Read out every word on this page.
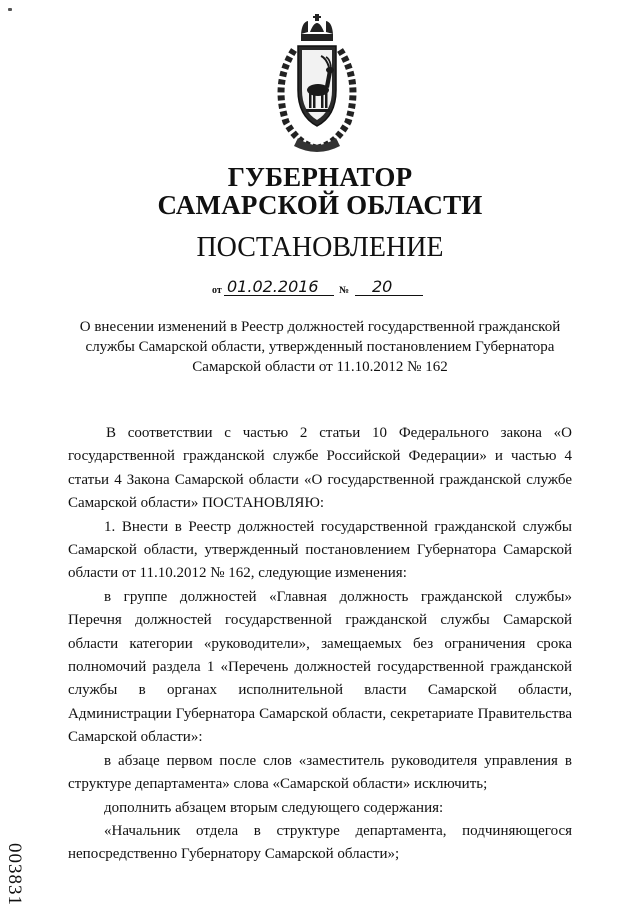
ГУБЕРНАТОР
САМАРСКОЙ ОБЛАСТИ
ПОСТАНОВЛЕНИЕ
от 01.02.2016 № 20
О внесении изменений в Реестр должностей государственной гражданской службы Самарской области, утвержденный постановлением Губернатора Самарской области от 11.10.2012 № 162

В соответствии с частью 2 статьи 10 Федерального закона «О государственной гражданской службе Российской Федерации» и частью 4 статьи 4 Закона Самарской области «О государственной гражданской службе Самарской области» ПОСТАНОВЛЯЮ:

1. Внести в Реестр должностей государственной гражданской службы Самарской области, утвержденный постановлением Губернатора Самарской области от 11.10.2012 № 162, следующие изменения:

в группе должностей «Главная должность гражданской службы» Перечня должностей государственной гражданской службы Самарской области категории «руководители», замещаемых без ограничения срока полномочий раздела 1 «Перечень должностей государственной гражданской службы в органах исполнительной власти Самарской области, Администрации Губернатора Самарской области, секретариате Правительства Самарской области»:

в абзаце первом после слов «заместитель руководителя управления в структуре департамента» слова «Самарской области» исключить;

дополнить абзацем вторым следующего содержания:

«Начальник отдела в структуре департамента, подчиняющегося непосредственно Губернатору Самарской области»;

003831
